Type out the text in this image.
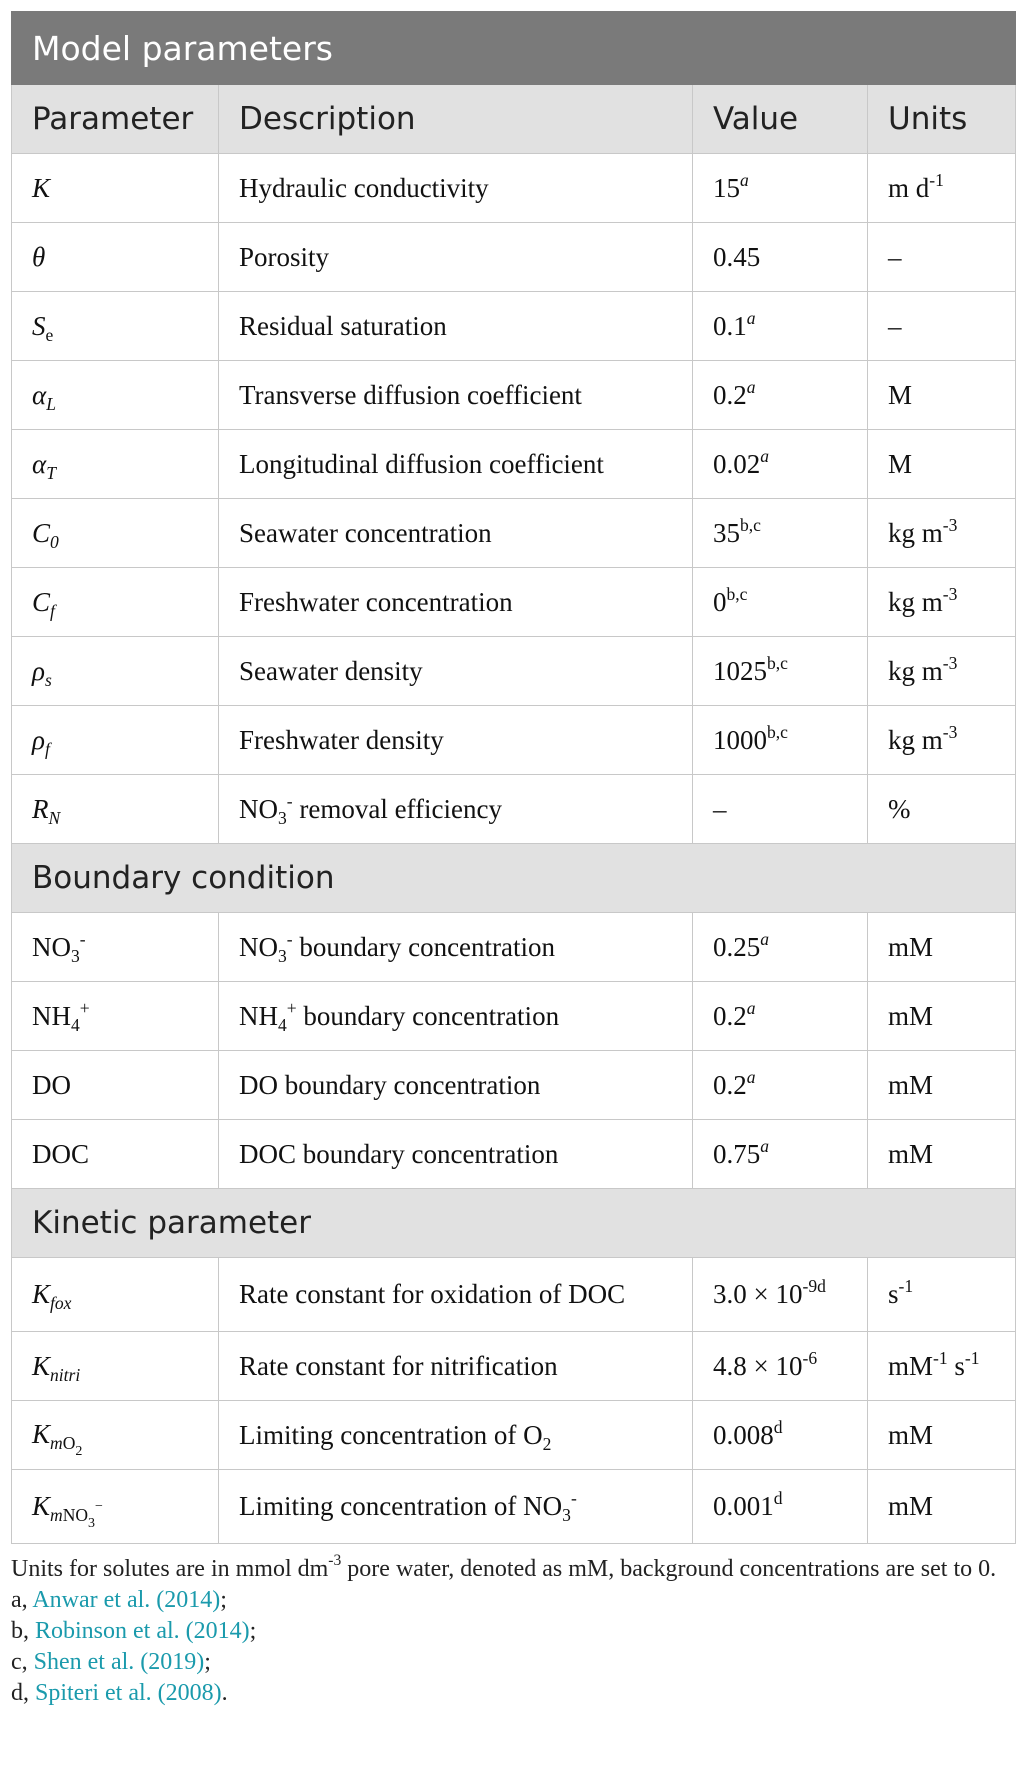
Model parameters			
Parameter	Description	Value	Units
K	Hydraulic conductivity	15$^a$	m $d^{-1}$
θ	Porosity	0.45	–
$S_e$	Residual saturation	0.1$^a$	–
$\alpha_L$	Transverse diffusion coefficient	0.2$^a$	M
$\alpha_T$	Longitudinal diffusion coefficient	0.02$^a$	M
$C_0$	Seawater concentration	35$^{b,c}$	kg $m^{-3}$
$C_f$	Freshwater concentration	0$^{b,c}$	kg $m^{-3}$
$\rho_s$	Seawater density	1025$^{b,c}$	kg $m^{-3}$
$\rho_f$	Freshwater density	1000$^{b,c}$	kg $m^{-3}$
$R_N$	$NO_3^-$ removal efficiency	–	%
Boundary condition			
$NO_3^-$	$NO_3^-$ boundary concentration	0.25$^a$	mM
$NH_4^+$	$NH_4^+$ boundary concentration	0.2$^a$	mM
DO	DO boundary concentration	0.2$^a$	mM
DOC	DOC boundary concentration	0.75$^a$	mM
Kinetic parameter			
$K_{fox}$	Rate constant for oxidation of DOC	$3.0 \times 10^{-9d}$	$s^{-1}$
$K_{nitri}$	Rate constant for nitrification	$4.8 \times 10^{-6}$	$mM^{-1}$ $s^{-1}$
$K_{mO_2}$	Limiting concentration of $O_2$	0.008$^d$	mM
$K_{mNO_3^-}$	Limiting concentration of $NO_3^-$	0.001$^d$	mM

Units for solutes are in mmol $dm^{-3}$ pore water, denoted as mM, background concentrations are set to 0.

a, Anwar et al. (2014);

b, Robinson et al. (2014);

c, Shen et al. (2019);

d, Spiteri et al. (2008).
